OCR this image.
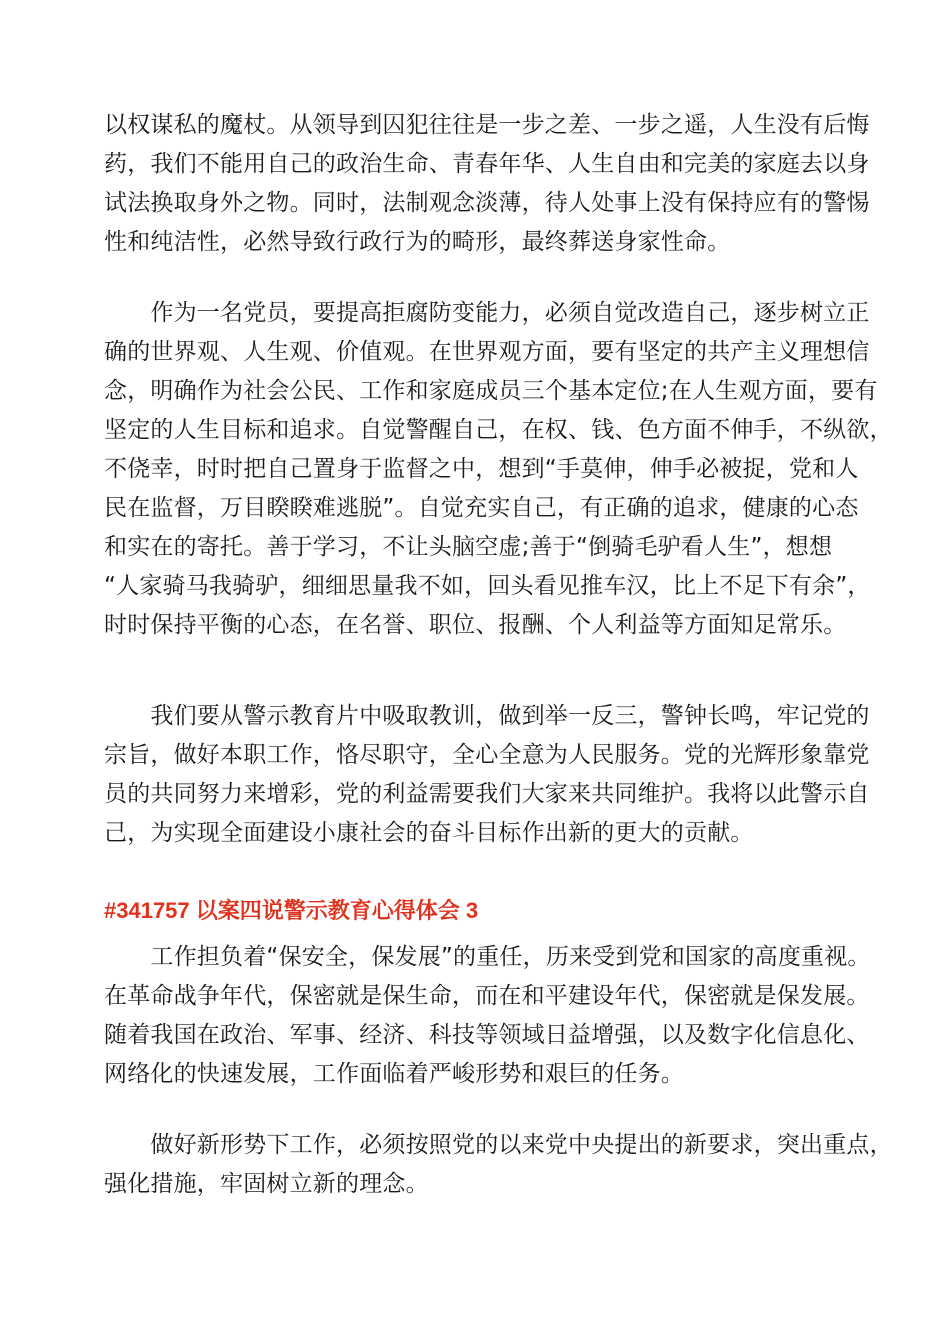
以权谋私的魔杖。从领导到囚犯往往是一步之差、一步之遥，人生没有后悔
药，我们不能用自己的政治生命、青春年华、人生自由和完美的家庭去以身
试法换取身外之物。同时，法制观念淡薄，待人处事上没有保持应有的警惕
性和纯洁性，必然导致行政行为的畸形，最终葬送身家性命。
　　作为一名党员，要提高拒腐防变能力，必须自觉改造自己，逐步树立正
确的世界观、人生观、价值观。在世界观方面，要有坚定的共产主义理想信
念，明确作为社会公民、工作和家庭成员三个基本定位;在人生观方面，要有
坚定的人生目标和追求。自觉警醒自己，在权、钱、色方面不伸手，不纵欲，
不侥幸，时时把自己置身于监督之中，想到“手莫伸，伸手必被捉，党和人
民在监督，万目睽睽难逃脱”。自觉充实自己，有正确的追求，健康的心态
和实在的寄托。善于学习，不让头脑空虚;善于“倒骑毛驴看人生”，想想
“人家骑马我骑驴，细细思量我不如，回头看见推车汉，比上不足下有余”，
时时保持平衡的心态，在名誉、职位、报酬、个人利益等方面知足常乐。
　　我们要从警示教育片中吸取教训，做到举一反三，警钟长鸣，牢记党的
宗旨，做好本职工作，恪尽职守，全心全意为人民服务。党的光辉形象靠党
员的共同努力来增彩，党的利益需要我们大家来共同维护。我将以此警示自
己，为实现全面建设小康社会的奋斗目标作出新的更大的贡献。
#341757 以案四说警示教育心得体会 3
　　工作担负着“保安全，保发展”的重任，历来受到党和国家的高度重视。
在革命战争年代，保密就是保生命，而在和平建设年代，保密就是保发展。
随着我国在政治、军事、经济、科技等领域日益增强，以及数字化信息化、
网络化的快速发展，工作面临着严峻形势和艰巨的任务。
　　做好新形势下工作，必须按照党的以来党中央提出的新要求，突出重点，
强化措施，牢固树立新的理念。
